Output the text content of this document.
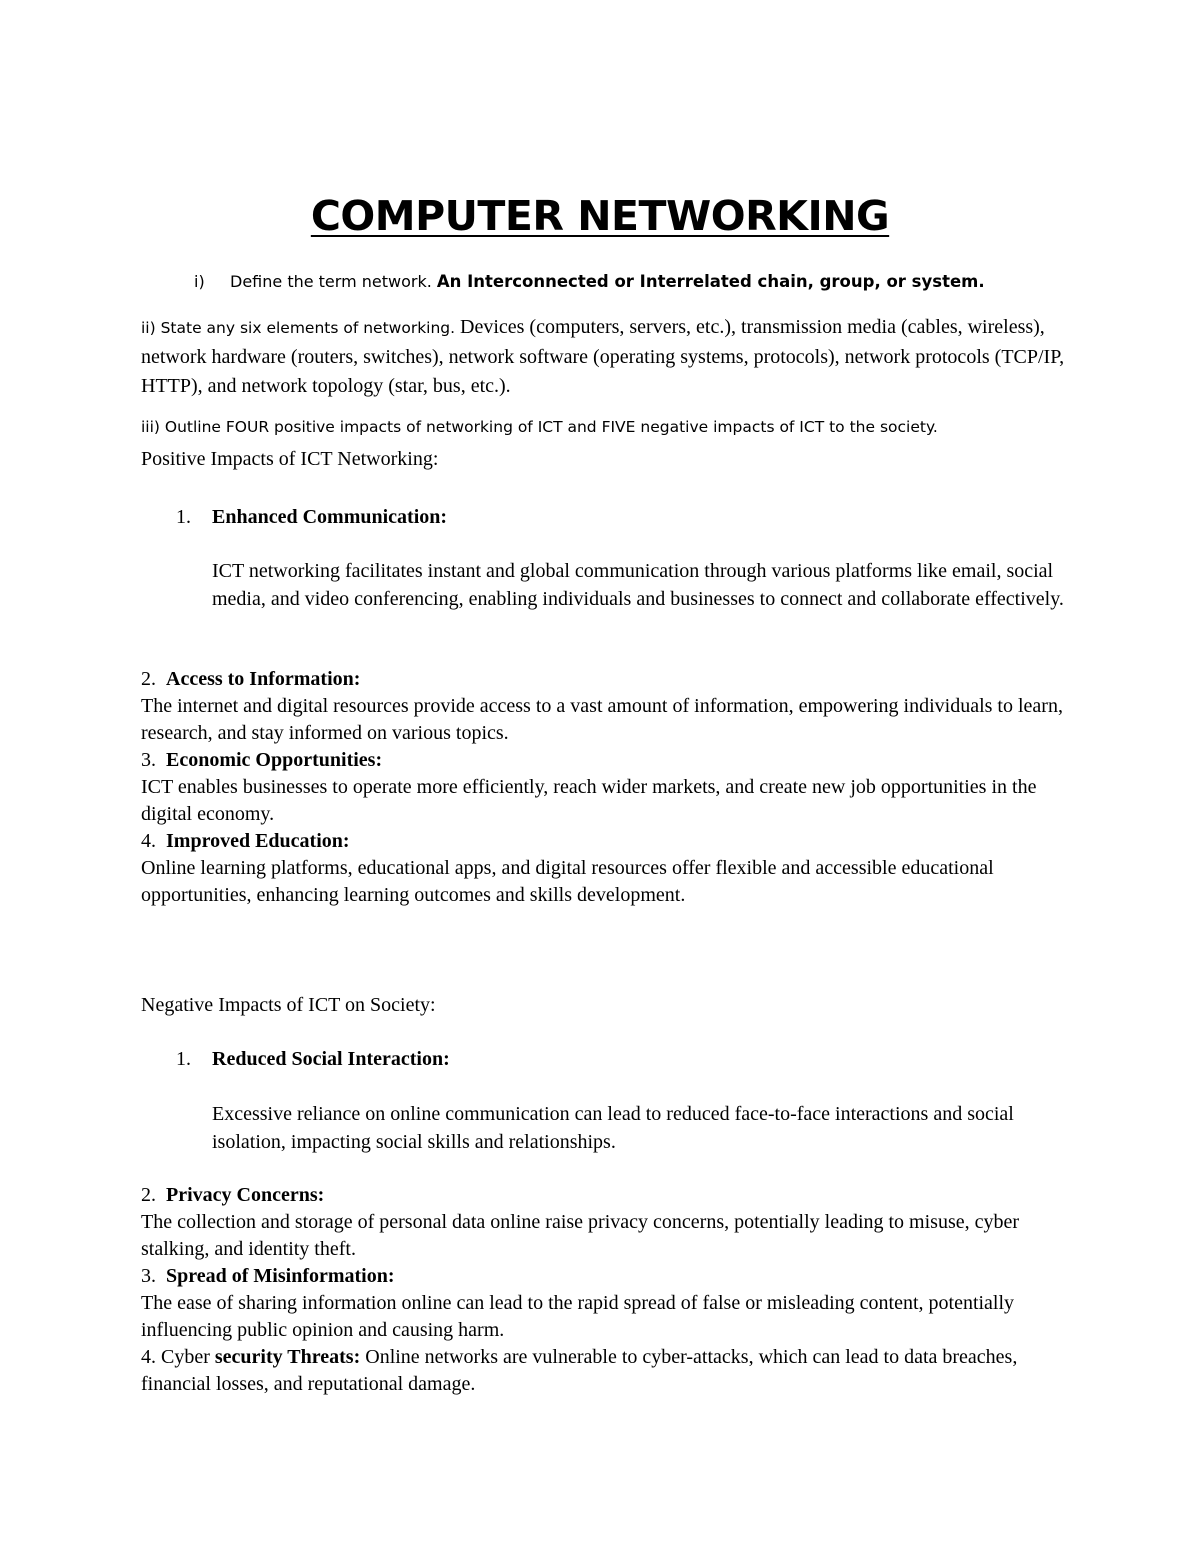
COMPUTER NETWORKING
i) Define the term network. An Interconnected or Interrelated chain, group, or system.
ii) State any six elements of networking. Devices (computers, servers, etc.), transmission media (cables, wireless), network hardware (routers, switches), network software (operating systems, protocols), network protocols (TCP/IP, HTTP), and network topology (star, bus, etc.).
iii) Outline FOUR positive impacts of networking of ICT and FIVE negative impacts of ICT to the society.
Positive Impacts of ICT Networking:
1. Enhanced Communication:
ICT networking facilitates instant and global communication through various platforms like email, social media, and video conferencing, enabling individuals and businesses to connect and collaborate effectively.
2. Access to Information:
The internet and digital resources provide access to a vast amount of information, empowering individuals to learn, research, and stay informed on various topics.
3. Economic Opportunities:
ICT enables businesses to operate more efficiently, reach wider markets, and create new job opportunities in the digital economy.
4. Improved Education:
Online learning platforms, educational apps, and digital resources offer flexible and accessible educational opportunities, enhancing learning outcomes and skills development.
Negative Impacts of ICT on Society:
1. Reduced Social Interaction:
Excessive reliance on online communication can lead to reduced face-to-face interactions and social isolation, impacting social skills and relationships.
2. Privacy Concerns:
The collection and storage of personal data online raise privacy concerns, potentially leading to misuse, cyber stalking, and identity theft.
3. Spread of Misinformation:
The ease of sharing information online can lead to the rapid spread of false or misleading content, potentially influencing public opinion and causing harm.
4. Cyber security Threats: Online networks are vulnerable to cyber-attacks, which can lead to data breaches, financial losses, and reputational damage.
